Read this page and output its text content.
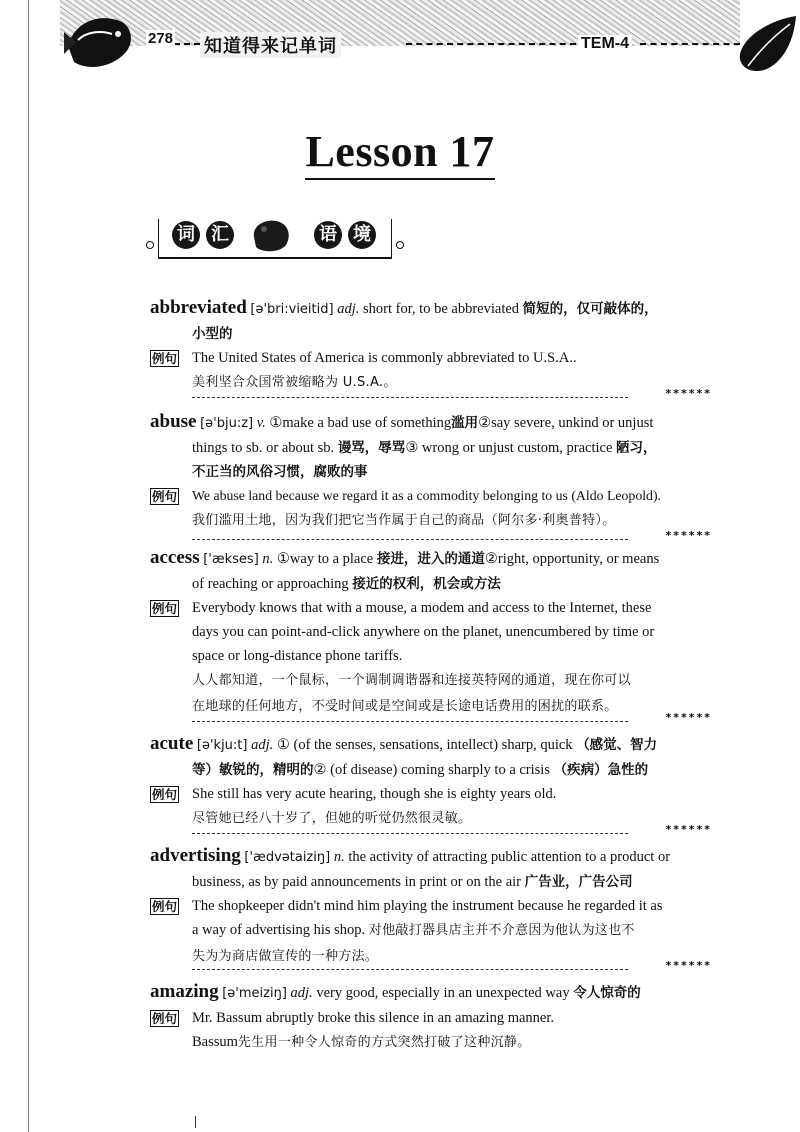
278 知道得来记单词	TEM-4
Lesson 17
词 汇	语 境
abbreviated [ə'bri:vieitid] adj. short for, to be abbreviated 简短的，仅可敲体的，
小型的
例句 The United States of America is commonly abbreviated to U.S.A..
美利坚合众国常被缩略为 U.S.A.。
******
abuse [ə'bju:z] v. ①make a bad use of something滥用②say severe, unkind or unjust
things to sb. or about sb. 谩骂，辱骂③ wrong or unjust custom, practice 陋习，
不正当的风俗习惯，腐败的事
例句 We abuse land because we regard it as a commodity belonging to us (Aldo Leopold).
我们滥用土地，因为我们把它当作属于自己的商品（阿尔多·利奥普特）。
******
access ['ækses] n. ①way to a place 接进，进入的通道②right, opportunity, or means
of reaching or approaching 接近的权利，机会或方法
例句 Everybody knows that with a mouse, a modem and access to the Internet, these
days you can point-and-click anywhere on the planet, unencumbered by time or
space or long-distance phone tariffs.
人人都知道，一个鼠标，一个调制调谐器和连接英特网的通道，现在你可以
在地球的任何地方，不受时间或是空间或是长途电话费用的困扰的联系。
******
acute [ə'kju:t] adj. ① (of the senses, sensations, intellect) sharp, quick （感觉、智力
等）敏锐的，精明的② (of disease) coming sharply to a crisis （疾病）急性的
例句 She still has very acute hearing, though she is eighty years old.
尽管她已经八十岁了，但她的听觉仍然很灵敏。
******
advertising ['ædvətaiziŋ] n. the activity of attracting public attention to a product or
business, as by paid announcements in print or on the air 广告业，广告公司
例句 The shopkeeper didn't mind him playing the instrument because he regarded it as
a way of advertising his shop. 对他敲打器具店主并不介意因为他认为这也不
失为为商店做宣传的一种方法。
******
amazing [ə'meiziŋ] adj. very good, especially in an unexpected way 令人惊奇的
例句 Mr. Bassum abruptly broke this silence in an amazing manner.
Bassum先生用一种令人惊奇的方式突然打破了这种沉静。
